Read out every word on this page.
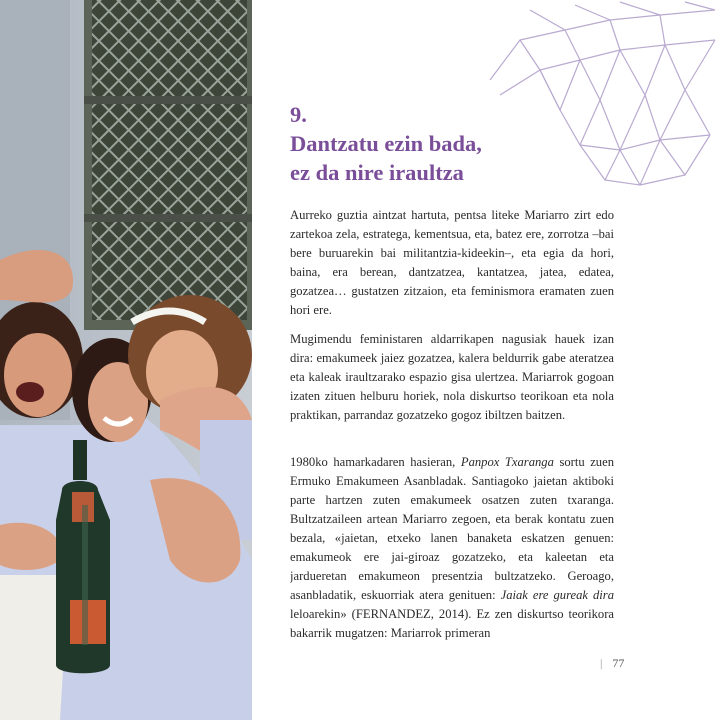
9.
Dantzatu ezin bada,
ez da nire iraultza

Aurreko guztia aintzat hartuta, pentsa liteke Mariarro zirt edo zartekoa zela, estratega, kementsua, eta, batez ere, zorrotza –bai bere buruarekin bai militantzia-kideekin–, eta egia da hori, baina, era berean, dantzatzea, kantatzea, jatea, edatea, gozatzea… gustatzen zitzaion, eta feminismora eramaten zuen hori ere.

Mugimendu feministaren aldarrikapen nagusiak hauek izan dira: emakumeek jaiez gozatzea, kalera beldurrik gabe ateratzea eta kaleak iraultzarako espazio gisa ulertzea. Mariarrok gogoan izaten zituen helburu horiek, nola diskurtso teorikoan eta nola praktikan, parrandaz gozatzeko gogoz ibiltzen baitzen.

1980ko hamarkadaren hasieran, Panpox Txaranga sortu zuen Ermuko Emakumeen Asanbladak. Santiagoko jaietan aktiboki parte hartzen zuten emakumeek osatzen zuten txaranga. Bultzatzaileen artean Mariarro zegoen, eta berak kontatu zuen bezala, «jaietan, etxeko lanen banaketa eskatzen genuen: emakumeok ere jai-giroaz gozatzeko, eta kaleetan eta jardueretan emakumeon presentzia bultzatzeko. Geroago, asanbladatik, eskuorriak atera genituen: Jaiak ere gureak dira leloarekin» (FERNANDEZ, 2014). Ez zen diskurtso teorikora bakarrik mugatzen: Mariarrok primeran

| 77
